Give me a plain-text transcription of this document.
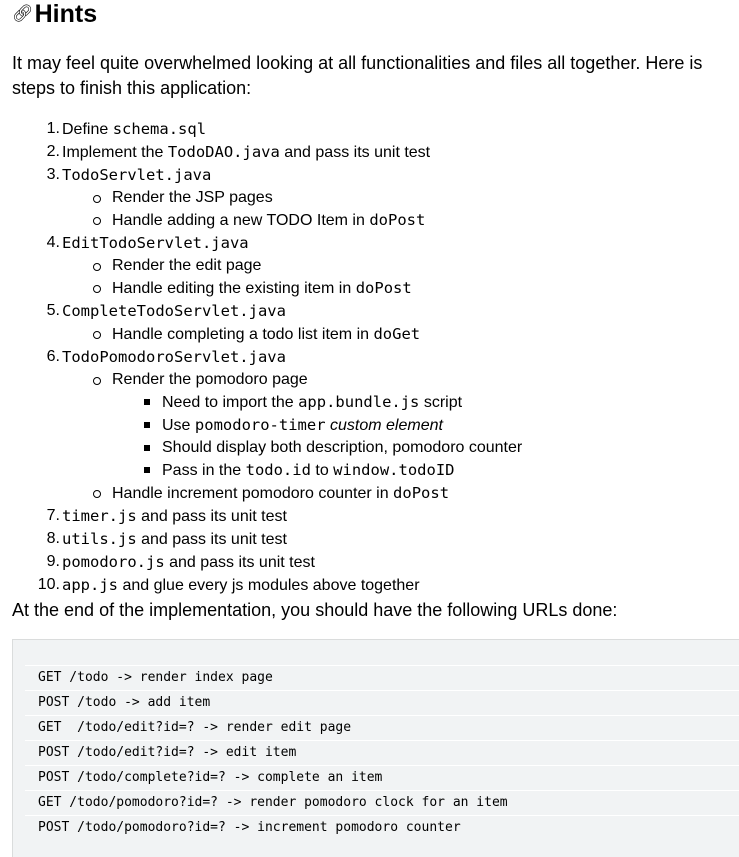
🔗︎ Hints

It may feel quite overwhelmed looking at all functionalities and files all together. Here is steps to finish this application:

1. Define schema.sql
2. Implement the TodoDAO.java and pass its unit test
3. TodoServlet.java
Render the JSP pages
Handle adding a new TODO Item in doPost
4. EditTodoServlet.java
Render the edit page
Handle editing the existing item in doPost
5. CompleteTodoServlet.java
Handle completing a todo list item in doGet
6. TodoPomodoroServlet.java
Render the pomodoro page
Need to import the app.bundle.js script
Use pomodoro-timer custom element
Should display both description, pomodoro counter
Pass in the todo.id to window.todoID
Handle increment pomodoro counter in doPost
7. timer.js and pass its unit test
8. utils.js and pass its unit test
9. pomodoro.js and pass its unit test
10. app.js and glue every js modules above together

At the end of the implementation, you should have the following URLs done:

GET /todo -> render index page
POST /todo -> add item
GET  /todo/edit?id=? -> render edit page
POST /todo/edit?id=? -> edit item
POST /todo/complete?id=? -> complete an item
GET /todo/pomodoro?id=? -> render pomodoro clock for an item
POST /todo/pomodoro?id=? -> increment pomodoro counter
